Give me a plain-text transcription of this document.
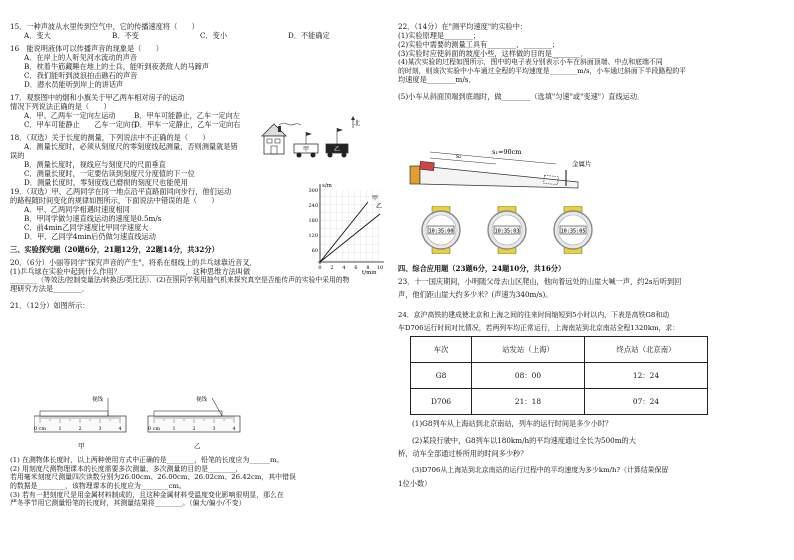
15．一种声波从水里传到空气中，它的传播速度将（　　）

A．变大	B．不变	C．变小	D．不能确定

16　能说明液体可以传播声音的现象是（　　）

A．在岸上的人听见河水流动的声音

B．枕着牛筋藏睡在地上的士兵，能听到夜袭敌人的马蹄声

C．我们能听到波浪拍击礁石的声音

D．潜水员能听到岸上的讲话声

17．观察图中的烟和小旗关于甲乙两车相对房子的运动

情况下列说法正确的是（　　）

A．甲、乙两车一定向左运动	B．甲车可能静止，乙车一定向左

C．甲车可能静止　　乙车一定向右D．甲车一定静止，乙车一定向右

18．（双选）关于长度的测量，下列说法中不正确的是（　　）

A．测量长度时，必须从刻度尺的零刻度线起测量，否则测量就是错

误的

B．测量长度时，视线应与刻度尺的尺面垂直

C．测量长度时，一定要估读到刻度尺分度值的下一位

D．测量长度时，零刻度线已磨损的刻度尺也能使用

19．（双选）甲、乙两同学在同一地点沿平直路面同向步行，他们运动

的路程随时间变化的规律如图所示，下面说法中错误的是（　　）

A．甲、乙两同学相遇时速度相同

B．甲同学做匀速直线运动的速度是0.5m/s

C．前4min乙同学速度比甲同学速度大

D．甲、乙同学4min后仍做匀速直线运动

三、实验探究题（20题6分，21题12分，22题14分，共32分）

20．（6分）小丽等同学"探究声音的产生"，将系在细线上的乒乓球靠近音叉．

(1)乒乓球在实验中起到什么作用？__________________．这种思维方法叫做

________（等效法/控制变量法/转换法/类比法）．(2)在照同学利用抽气机来探究真空是否能传声的实验中采用的物

理研究方法是________．

21．（12分）如图所示：

甲	乙
北
s/m
t/min
300
240
180
120
60
0 2 4 6 8 10
甲
乙
0 cm	1	2	3	4
视线
0 cm	1	2	3	4
视线
甲	乙

(1) 在测物体长度时，以上两种使用方式中正确的是________，铅笔的长度应为______m。

(2) 用刻度尺测物理课本的长度需要多次测量，多次测量的目的是________，

若用毫米刻度尺测量四次读数分别为26.00cm、26.00cm、26.02cm、26.42cm，其中错误

的数据是________，该物理课本的长度应为________cm。

(3) 若有一把刻度尺是用金属材料制成的，且这种金属材料受温度变化影响很明显，那么在

严冬季节用它测量铅笔的长度时，其测量结果将________。（偏大/偏小/不变）

22．（14分）在"测平均速度"的实验中：

(1)实验原理是________；

(2)实验中需要的测量工具有________、________；

(3)实验时应使斜面的坡度小些，这样做的目的是________．

(4)某次实验的过程如图所示，图中的电子表分别表示小车在斜面顶端、中点和底端不同

的时刻，则该次实验中小车通过全程的平均速度是________m/s，小车通过斜面下半段路程的平

均速度是________m/s．

(5)小车从斜面顶端到底端时，做________（选填"匀速"或"变速"）直线运动．

s₁=90cm
s₂
金属片
10:35:00	10:35:03	10:35:05

四、综合应用题（23题6分，24题10分，共16分）

23．十一国庆期间，小明随父母去山区爬山，他向着远处的山崖大喊一声，约2s后听到回

声，他们距山崖大约多少米？(声速为340m/s)。

24．京沪高铁的建成使北京和上海之间的往来时间缩短到5小时以内，下表是高铁G8和动

车D706运行时间对比情况，若两列车均正常运行，上海南站到北京南站全程1320km，求：

车次	站发站（上海）	终点站（北京南）
G8	08：00	12：24
D706	21：18	07：24

(1)G8列车从上海站到北京南站，列车的运行时间是多少小时？

(2)某段行驶中，G8列车以180km/h的平均速度通过全长为500m的大

桥，动车全部通过桥所用的时间多少秒？

(3)D706从上海站到北京南站的运行过程中的平均速度为多少km/h?（计算结果保留

1位小数）
